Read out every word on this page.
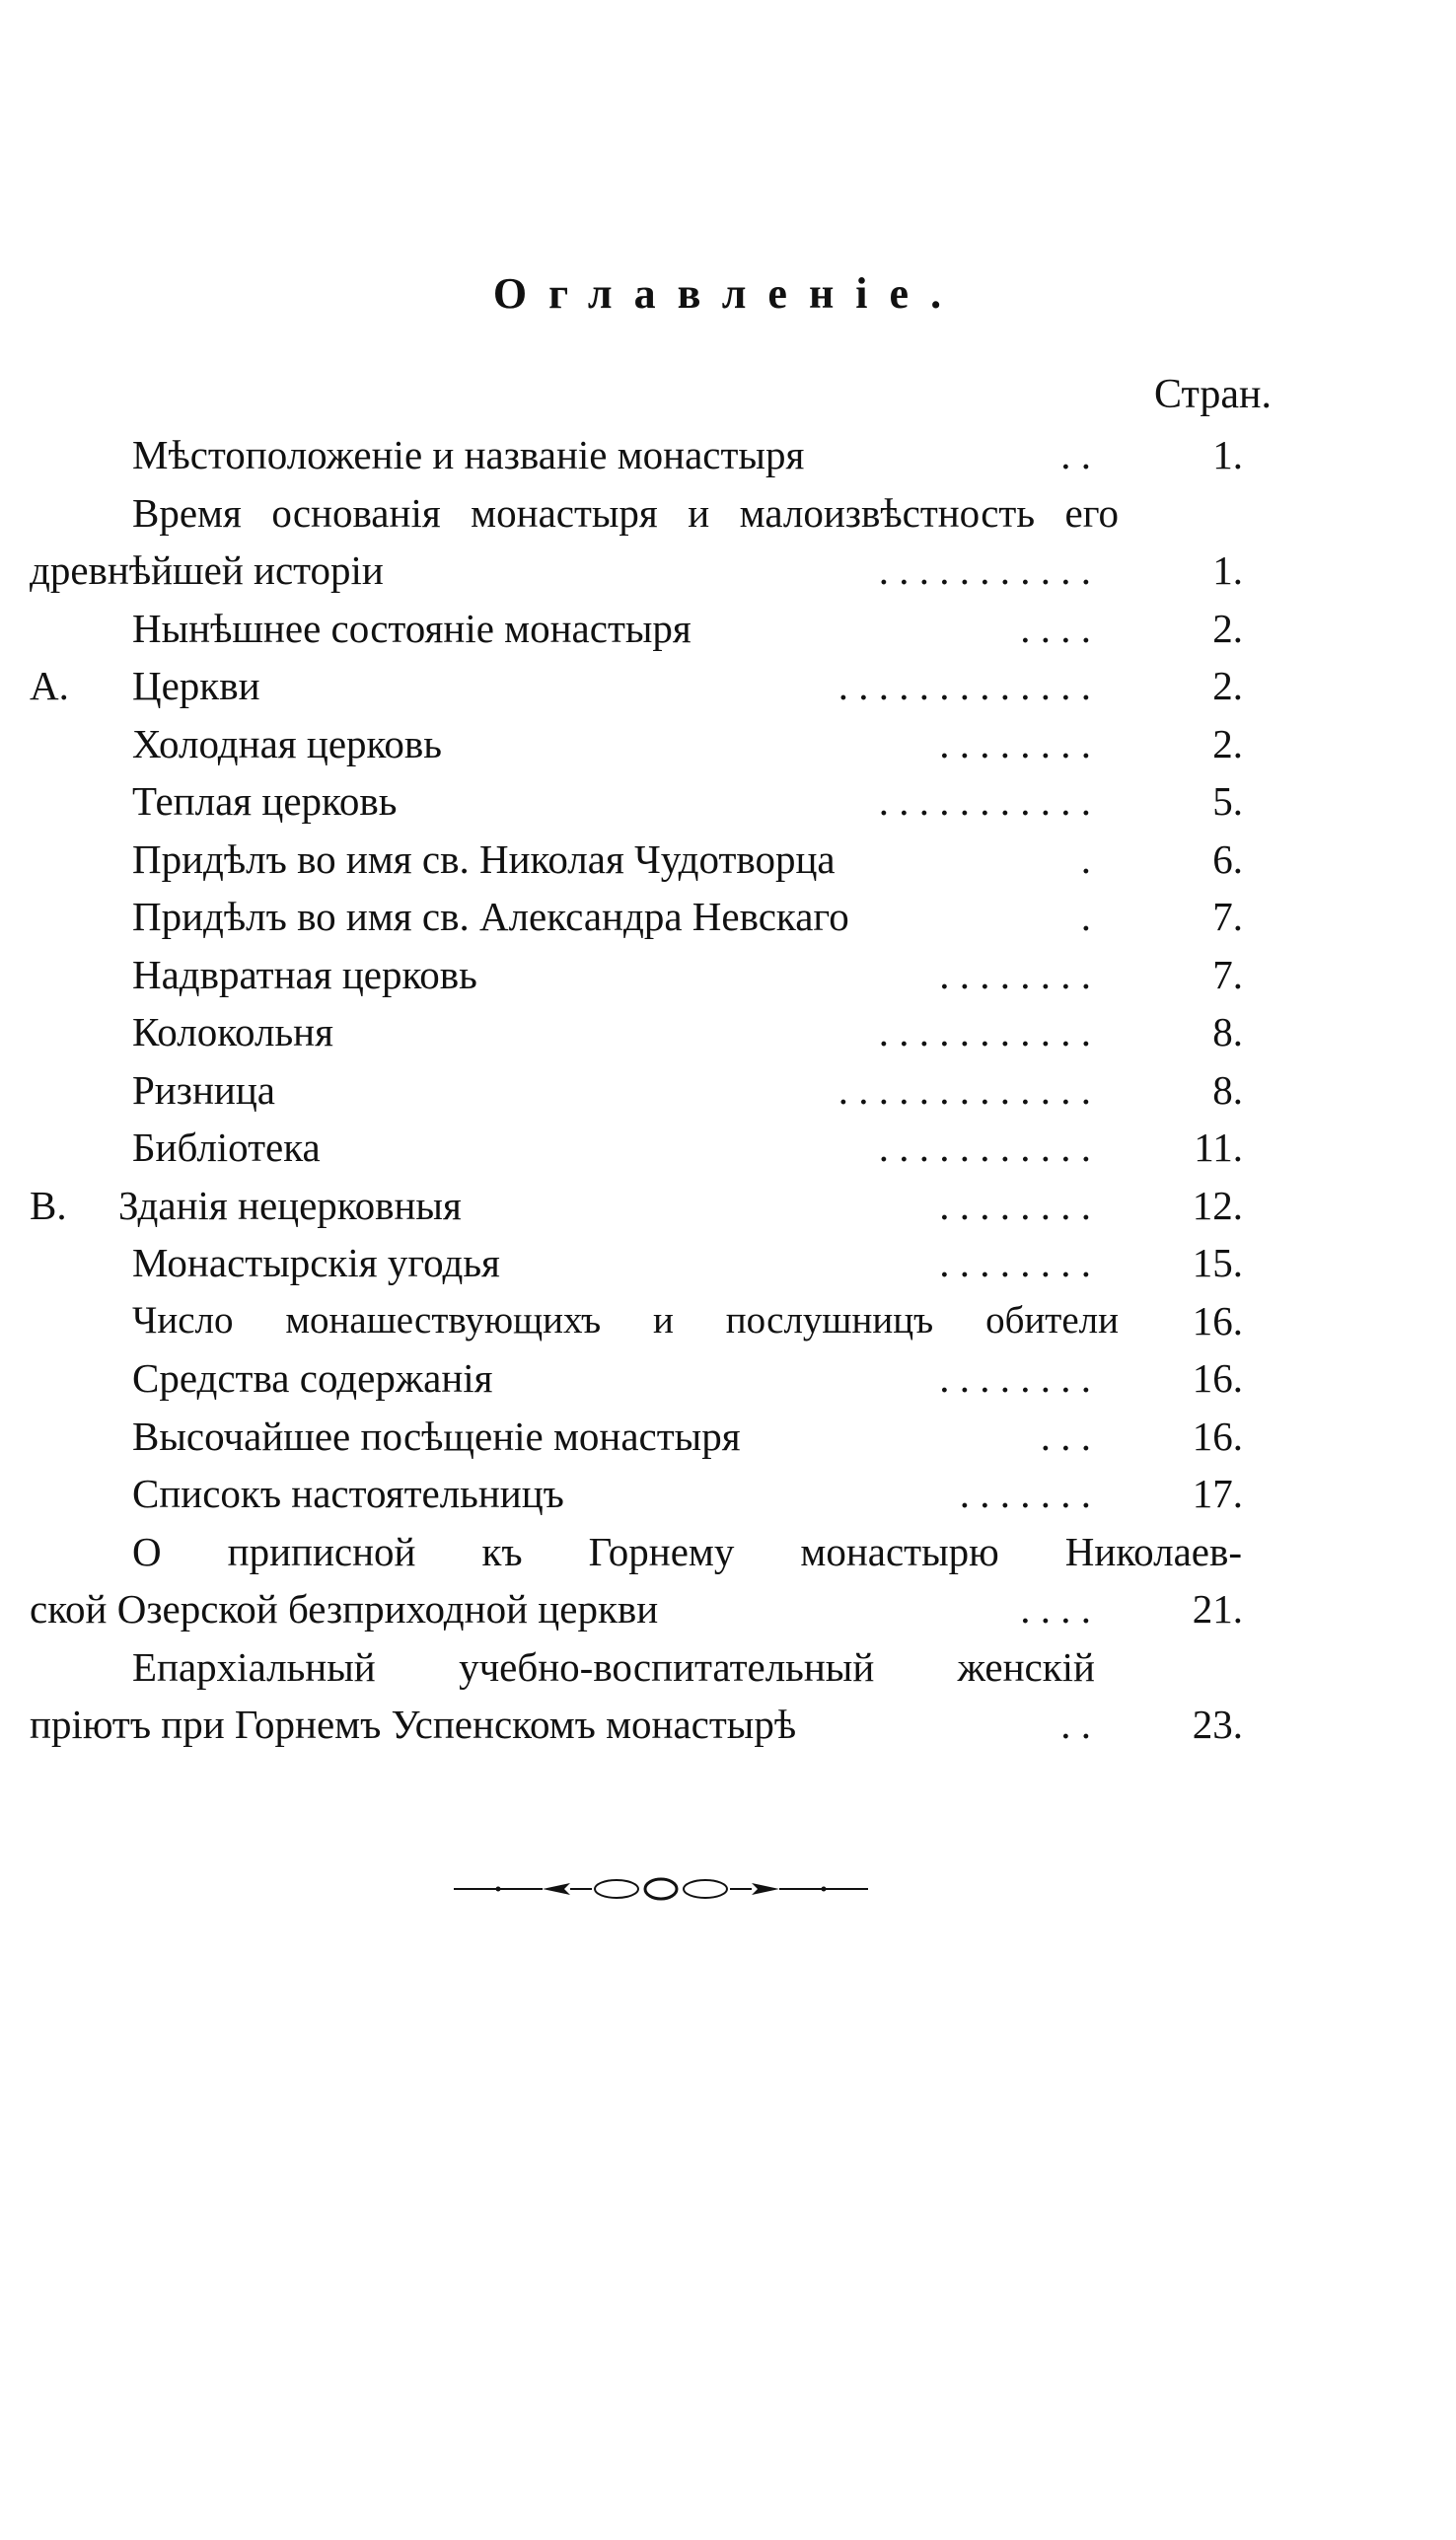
Оглавленіе.
Стран.
Мѣстоположеніе и названіе монастыря	. .	1.
Время основанія монастыря и малоизвѣстность его
древнѣйшей исторіи	. . . . . . . . . . .	1.
Нынѣшнее состояніе монастыря	. . . .	2.
A. Церкви	. . . . . . . . . . . . .	2.
Холодная церковь	. . . . . . . .	2.
Теплая церковь	. . . . . . . . . . .	5.
Придѣлъ во имя св. Николая Чудотворца	.	6.
Придѣлъ во имя св. Александра Невскаго	.	7.
Надвратная церковь	. . . . . . . .	7.
Колокольня	. . . . . . . . . . .	8.
Ризница	. . . . . . . . . . . . .	8.
Библіотека	. . . . . . . . . . .	11.
B. Зданія нецерковныя	. . . . . . . .	12.
Монастырскія угодья	. . . . . . . .	15.
Число монашествующихъ и послушницъ обители	16.
Средства содержанія	. . . . . . . .	16.
Высочайшее посѣщеніе монастыря	. . .	16.
Списокъ настоятельницъ	. . . . . . .	17.
О приписной къ Горнему монастырю Николаев-
ской Озерской безприходной церкви	. . . .	21.
Епархіальный учебно-воспитательный женскій
пріютъ при Горнемъ Успенскомъ монастырѣ	. .	23.
